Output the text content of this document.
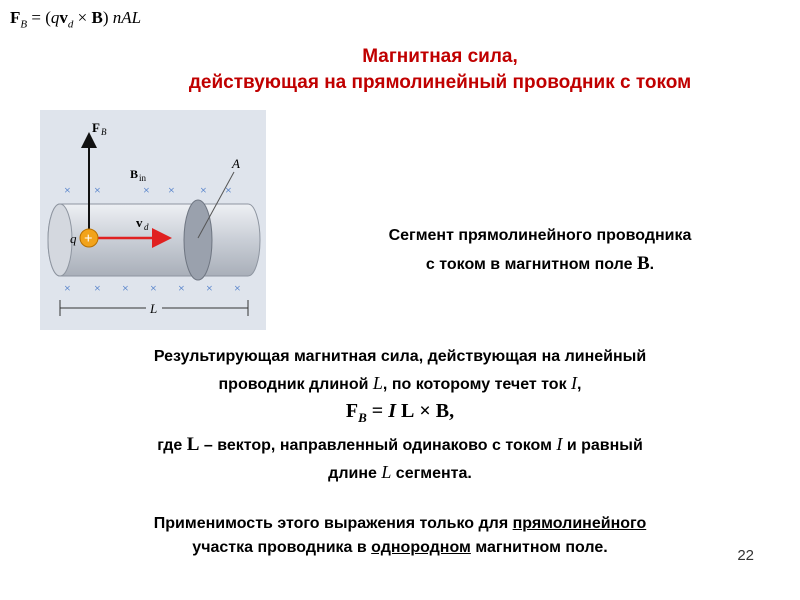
$F_B = (qv_d \times B)$ nAL
Магнитная сила,
действующая на прямолинейный проводник с током
× ×	× × × ×
+
q
F B
B in
v d
A
× × × × × × ×
L
Сегмент прямолинейного проводника
с током в магнитном поле B.
Результирующая магнитная сила, действующая на линейный
проводник длиной L, по которому течет ток I,
$F_B = I$ L × B,
где L – вектор, направленный одинаково с током I и равный
длине L сегмента.
Применимость этого выражения только для прямолинейного
участка проводника в однородном магнитном поле.	22
